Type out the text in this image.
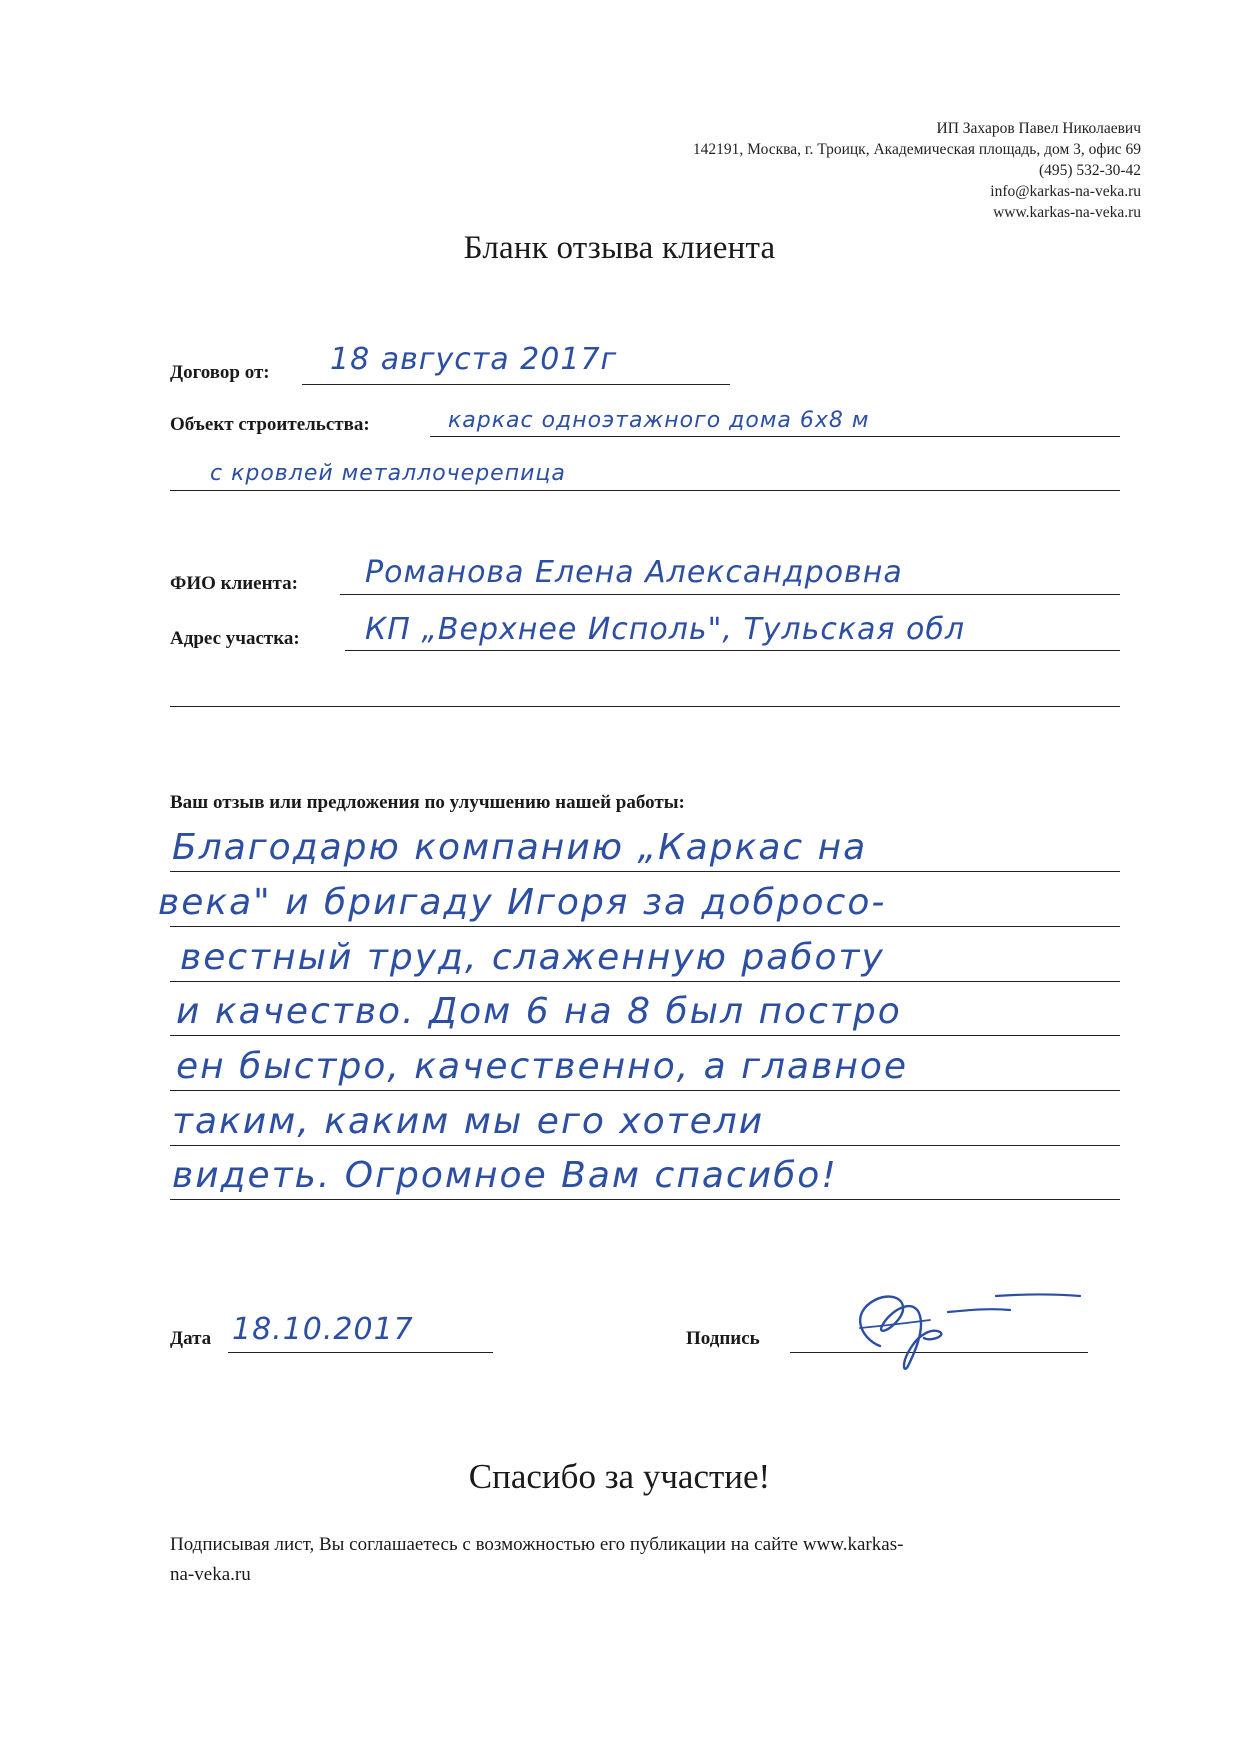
ИП Захаров Павел Николаевич
142191, Москва, г. Троицк, Академическая площадь, дом 3, офис 69
(495) 532-30-42
info@karkas-na-veka.ru
www.karkas-na-veka.ru
Бланк отзыва клиента
Договор от: 18 августа 2017г
Объект строительства:	каркас одноэтажного дома 6х8 м
с кровлей металлочерепица
ФИО клиента: Романова Елена Александровна
Адрес участка: КП „Верхнее Исполь", Тульская обл
Ваш отзыв или предложения по улучшению нашей работы:
Благодарю компанию „Каркас на
века" и бригаду Игоря за добросо-
вестный труд, слаженную работу
и качество. Дом 6 на 8 был постро
ен быстро, качественно, а главное
таким, каким мы его хотели
видеть. Огромное Вам спасибо!
Дата 18.10.2017	Подпись
Спасибо за участие!
Подписывая лист, Вы соглашаетесь с возможностью его публикации на сайте www.karkas-
na-veka.ru
